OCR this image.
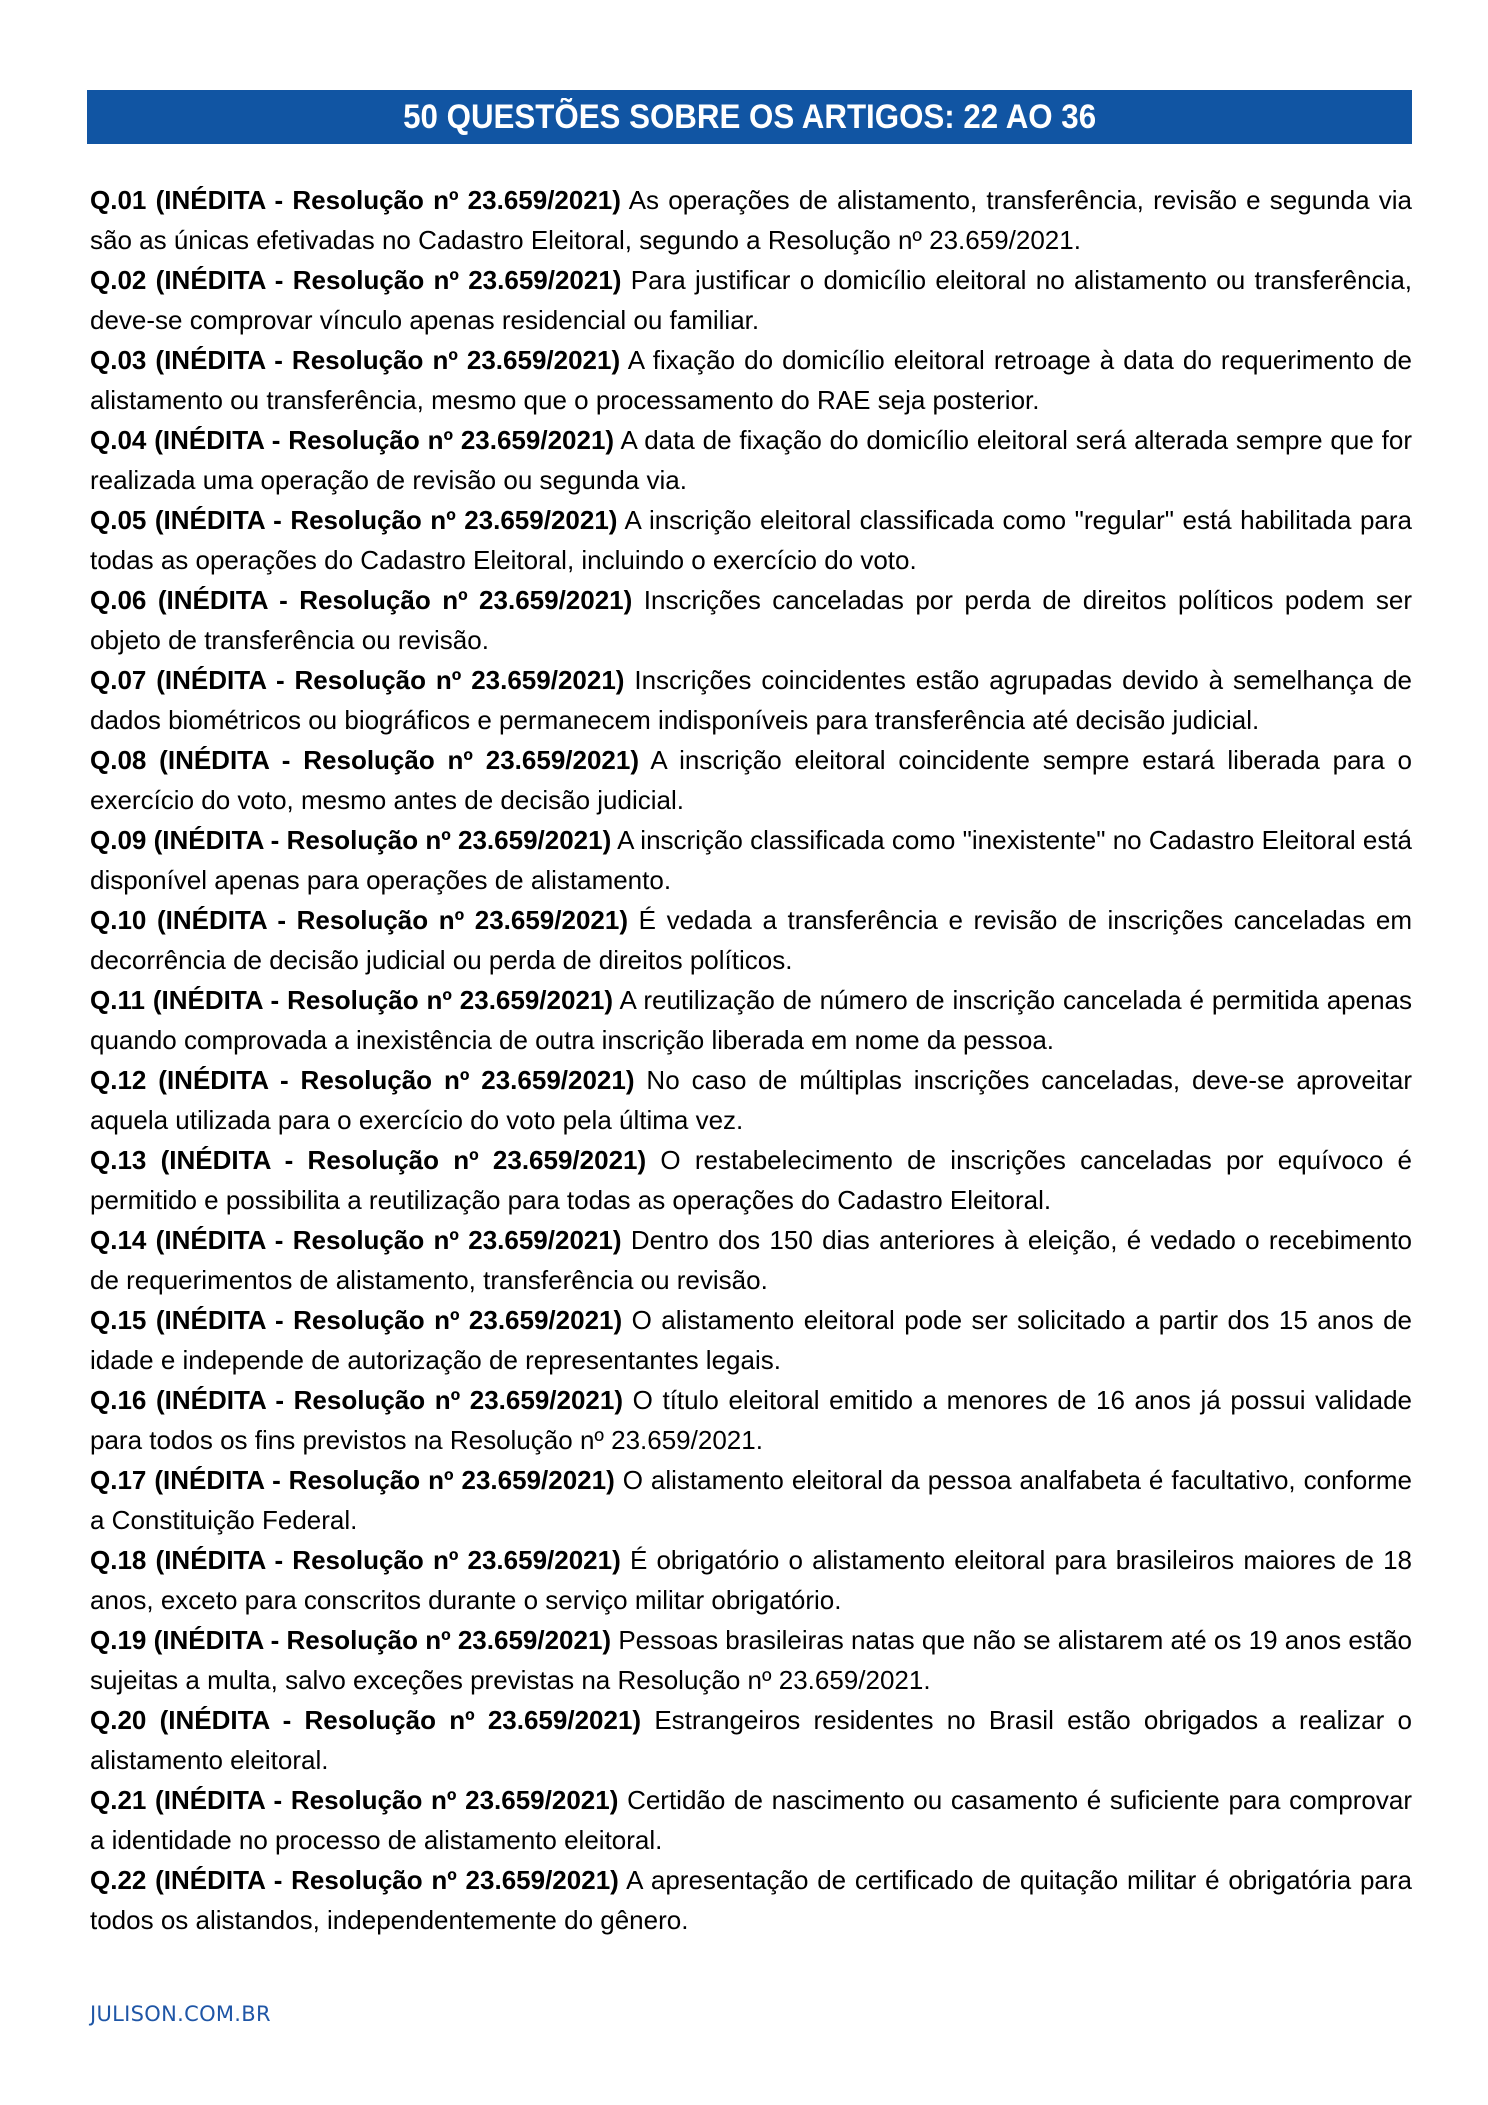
50 QUESTÕES SOBRE OS ARTIGOS: 22 AO 36

Q.01 (INÉDITA - Resolução nº 23.659/2021) As operações de alistamento, transferência, revisão e segunda via são as únicas efetivadas no Cadastro Eleitoral, segundo a Resolução nº 23.659/2021.

Q.02 (INÉDITA - Resolução nº 23.659/2021) Para justificar o domicílio eleitoral no alistamento ou transferência, deve-se comprovar vínculo apenas residencial ou familiar.

Q.03 (INÉDITA - Resolução nº 23.659/2021) A fixação do domicílio eleitoral retroage à data do requerimento de alistamento ou transferência, mesmo que o processamento do RAE seja posterior.

Q.04 (INÉDITA - Resolução nº 23.659/2021) A data de fixação do domicílio eleitoral será alterada sempre que for realizada uma operação de revisão ou segunda via.

Q.05 (INÉDITA - Resolução nº 23.659/2021) A inscrição eleitoral classificada como "regular" está habilitada para todas as operações do Cadastro Eleitoral, incluindo o exercício do voto.

Q.06 (INÉDITA - Resolução nº 23.659/2021) Inscrições canceladas por perda de direitos políticos podem ser objeto de transferência ou revisão.

Q.07 (INÉDITA - Resolução nº 23.659/2021) Inscrições coincidentes estão agrupadas devido à semelhança de dados biométricos ou biográficos e permanecem indisponíveis para transferência até decisão judicial.

Q.08 (INÉDITA - Resolução nº 23.659/2021) A inscrição eleitoral coincidente sempre estará liberada para o exercício do voto, mesmo antes de decisão judicial.

Q.09 (INÉDITA - Resolução nº 23.659/2021) A inscrição classificada como "inexistente" no Cadastro Eleitoral está disponível apenas para operações de alistamento.

Q.10 (INÉDITA - Resolução nº 23.659/2021) É vedada a transferência e revisão de inscrições canceladas em decorrência de decisão judicial ou perda de direitos políticos.

Q.11 (INÉDITA - Resolução nº 23.659/2021) A reutilização de número de inscrição cancelada é permitida apenas quando comprovada a inexistência de outra inscrição liberada em nome da pessoa.

Q.12 (INÉDITA - Resolução nº 23.659/2021) No caso de múltiplas inscrições canceladas, deve-se aproveitar aquela utilizada para o exercício do voto pela última vez.

Q.13 (INÉDITA - Resolução nº 23.659/2021) O restabelecimento de inscrições canceladas por equívoco é permitido e possibilita a reutilização para todas as operações do Cadastro Eleitoral.

Q.14 (INÉDITA - Resolução nº 23.659/2021) Dentro dos 150 dias anteriores à eleição, é vedado o recebimento de requerimentos de alistamento, transferência ou revisão.

Q.15 (INÉDITA - Resolução nº 23.659/2021) O alistamento eleitoral pode ser solicitado a partir dos 15 anos de idade e independe de autorização de representantes legais.

Q.16 (INÉDITA - Resolução nº 23.659/2021) O título eleitoral emitido a menores de 16 anos já possui validade para todos os fins previstos na Resolução nº 23.659/2021.

Q.17 (INÉDITA - Resolução nº 23.659/2021) O alistamento eleitoral da pessoa analfabeta é facultativo, conforme a Constituição Federal.

Q.18 (INÉDITA - Resolução nº 23.659/2021) É obrigatório o alistamento eleitoral para brasileiros maiores de 18 anos, exceto para conscritos durante o serviço militar obrigatório.

Q.19 (INÉDITA - Resolução nº 23.659/2021) Pessoas brasileiras natas que não se alistarem até os 19 anos estão sujeitas a multa, salvo exceções previstas na Resolução nº 23.659/2021.

Q.20 (INÉDITA - Resolução nº 23.659/2021) Estrangeiros residentes no Brasil estão obrigados a realizar o alistamento eleitoral.

Q.21 (INÉDITA - Resolução nº 23.659/2021) Certidão de nascimento ou casamento é suficiente para comprovar a identidade no processo de alistamento eleitoral.

Q.22 (INÉDITA - Resolução nº 23.659/2021) A apresentação de certificado de quitação militar é obrigatória para todos os alistandos, independentemente do gênero.

JULISON.COM.BR
